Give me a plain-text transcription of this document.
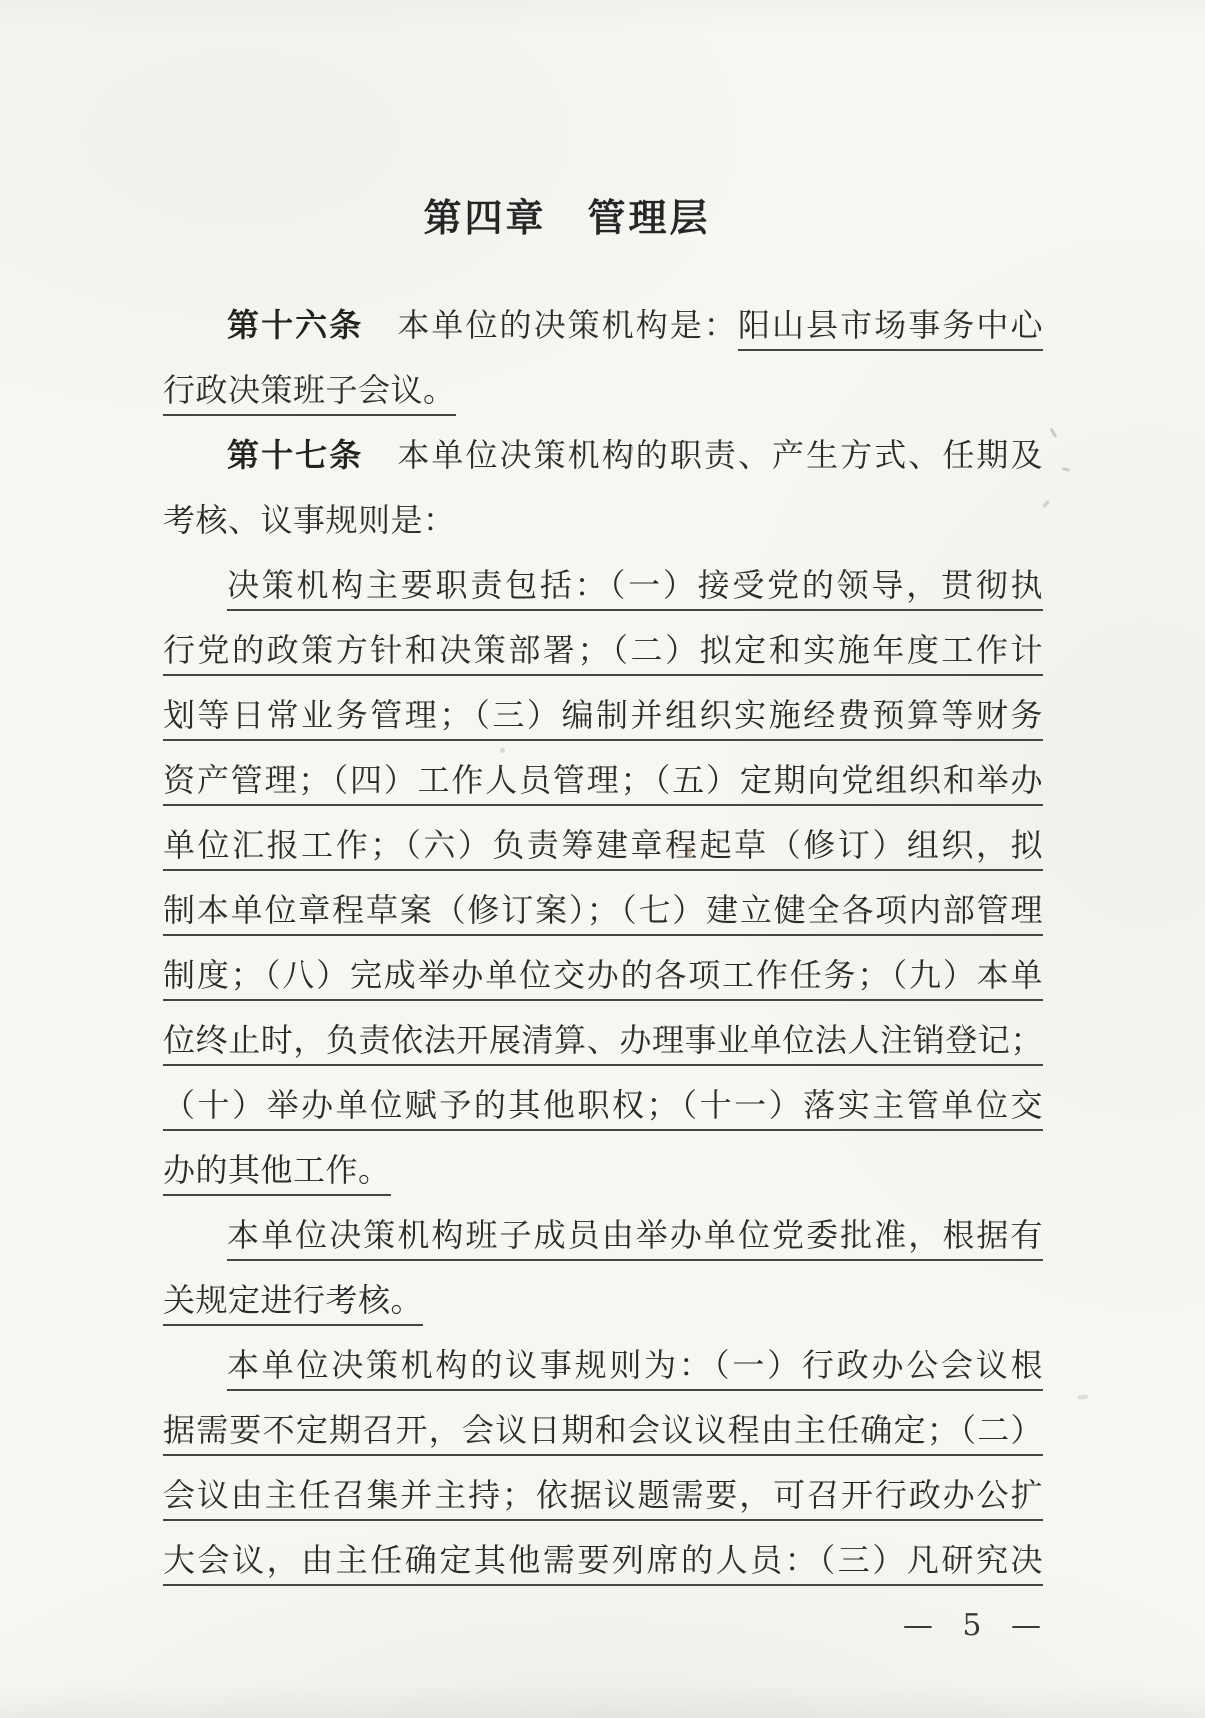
第四章　管理层
第十六条　本单位的决策机构是：阳山县市场事务中心
行政决策班子会议。
第十七条　本单位决策机构的职责、产生方式、任期及
考核、议事规则是：
决策机构主要职责包括：（一）接受党的领导，贯彻执
行党的政策方针和决策部署；（二）拟定和实施年度工作计
划等日常业务管理；（三）编制并组织实施经费预算等财务
资产管理；（四）工作人员管理；（五）定期向党组织和举办
单位汇报工作；（六）负责筹建章程起草（修订）组织，拟
制本单位章程草案（修订案）；（七）建立健全各项内部管理
制度；（八）完成举办单位交办的各项工作任务；（九）本单
位终止时，负责依法开展清算、办理事业单位法人注销登记；
（十）举办单位赋予的其他职权；（十一）落实主管单位交
办的其他工作。
本单位决策机构班子成员由举办单位党委批准，根据有
关规定进行考核。
本单位决策机构的议事规则为：（一）行政办公会议根
据需要不定期召开，会议日期和会议议程由主任确定；（二）
会议由主任召集并主持；依据议题需要，可召开行政办公扩
大会议，由主任确定其他需要列席的人员：（三）凡研究决
— 5 —
